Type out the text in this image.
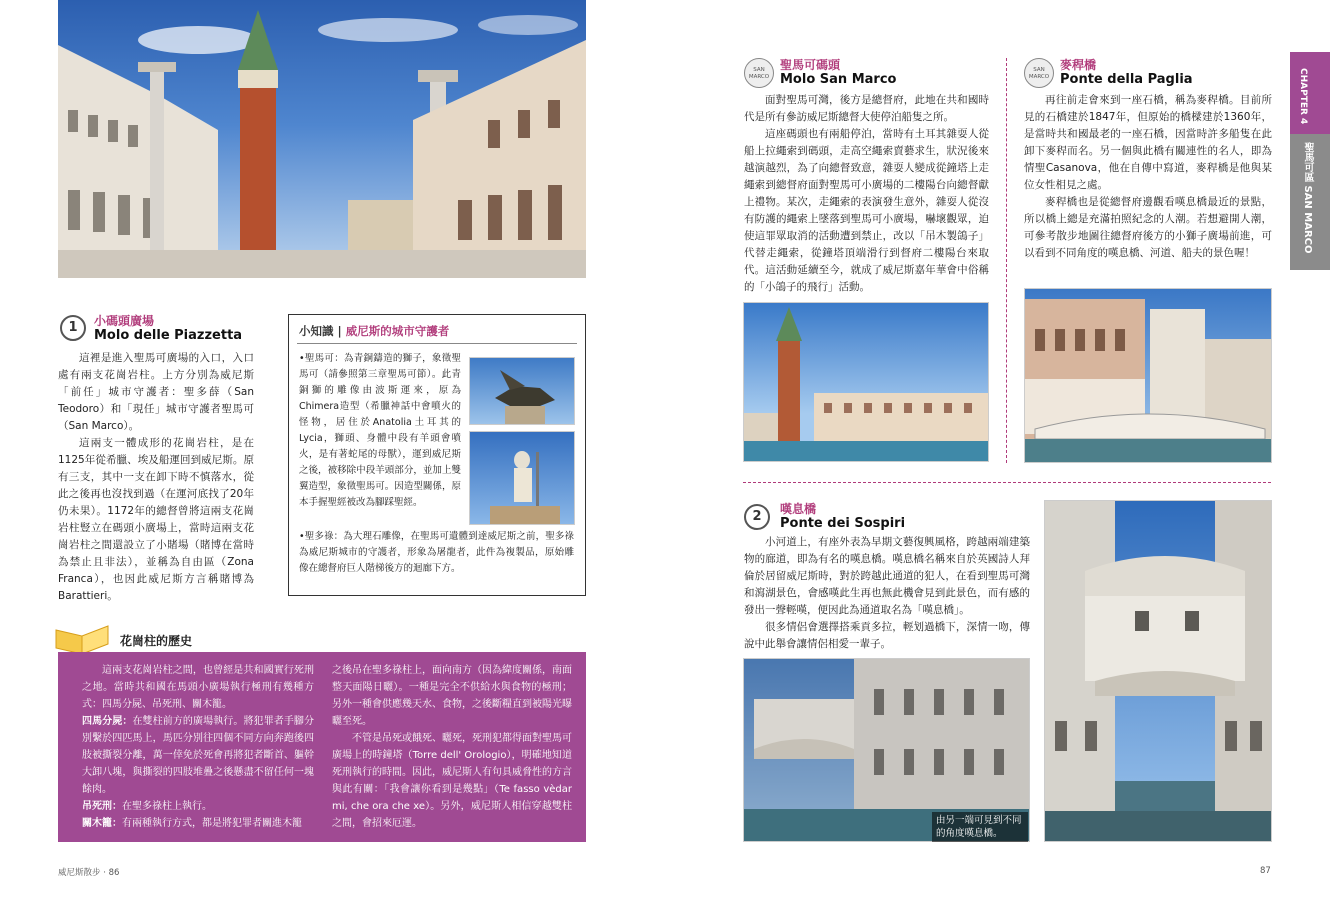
1	小碼頭廣場
Molo delle Piazzetta

這裡是進入聖馬可廣場的入口，入口處有兩支花崗岩柱。上方分別為威尼斯「前任」城市守護者：聖多薛（San Teodoro）和「現任」城市守護者聖馬可（San Marco）。

這兩支一體成形的花崗岩柱，是在1125年從希臘、埃及船運回到威尼斯。原有三支，其中一支在卸下時不慎落水，從此之後再也沒找到過（在運河底找了20年仍未果）。1172年的總督曾將這兩支花崗岩柱豎立在碼頭小廣場上，當時這兩支花崗岩柱之間還設立了小賭場（賭博在當時為禁止且非法），並稱為自由區（Zona Franca），也因此威尼斯方言稱賭博為Barattieri。

小知識 | 威尼斯的城市守護者
•聖馬可：為青銅鑄造的獅子，象徵聖馬可（請參照第三章聖馬可節）。此青銅獅的雕像由波斯運來，原為Chimera造型（希臘神話中會噴火的怪物，居住於Anatolia土耳其的Lycia，獅頭、身體中段有羊頭會噴火，是有著蛇尾的母獸），運到威尼斯之後，被移除中段羊頭部分，並加上雙翼造型，象徵聖馬可。因造型關係，原本手握聖經被改為腳踩聖經。
•聖多祿：為大理石雕像，在聖馬可遺體到達威尼斯之前，聖多祿為威尼斯城市的守護者，形象為屠龍者，此件為複製品，原始雕像在總督府巨人階梯後方的迴廊下方。
花崗柱的歷史
這兩支花崗岩柱之間，也曾經是共和國實行死刑之地。當時共和國在馬頭小廣場執行極刑有幾種方式：四馬分屍、吊死刑、關木籠。
四馬分屍：在雙柱前方的廣場執行。將犯罪者手腳分別繫於四匹馬上，馬匹分別往四個不同方向奔跑後四肢被撕裂分離，萬一倖免於死會再將犯者斷首、軀幹大卸八塊，與撕裂的四肢堆疊之後懸盡不留任何一塊餘肉。
吊死刑：在聖多祿柱上執行。
關木籠：有兩種執行方式，都是將犯罪者關進木籠
之後吊在聖多祿柱上，面向南方（因為緯度關係，南面整天面陽日曬）。一種是完全不供給水與食物的極刑；另外一種會供應幾天水、食物，之後斷糧直到被陽光曝曬至死。
不管是吊死或餓死、曬死，死刑犯都得面對聖馬可廣場上的時鐘塔（Torre dell' Orologio），明確地知道死刑執行的時間。因此，威尼斯人有句具威脅性的方言與此有關：「我會讓你看到是幾點」（Te fasso vèdar mi, che ora che xe）。另外，威尼斯人相信穿越雙柱之間，會招來厄運。
威尼斯散步 · 86
SAN MARCO
聖馬可碼頭
Molo San Marco

面對聖馬可灣，後方是總督府，此地在共和國時代是所有參訪威尼斯總督大使停泊船隻之所。

這座碼頭也有兩船停泊，當時有土耳其雜耍人從船上拉繩索到碼頭，走高空繩索賣藝求生，狀況後來越演越烈，為了向總督致意，雜耍人變成從鐘塔上走繩索到總督府面對聖馬可小廣場的二樓陽台向總督獻上禮物。某次，走繩索的表演發生意外，雜耍人從沒有防護的繩索上墜落到聖馬可小廣場，嚇壞觀眾，迫使這罪眾取消的活動遭到禁止，改以「吊木製鴿子」代替走繩索，從鐘塔頂端滑行到督府二樓陽台來取代。這活動延續至今，就成了威尼斯嘉年華會中俗稱的「小鴿子的飛行」活動。

SAN MARCO
麥稈橋
Ponte della Paglia

再往前走會來到一座石橋，稱為麥稈橋。目前所見的石橋建於1847年，但原始的橋樑建於1360年，是當時共和國最老的一座石橋，因當時許多船隻在此卸下麥稈而名。另一個與此橋有關連性的名人，即為情聖Casanova，他在自傳中寫道，麥稈橋是他與某位女性相見之處。

麥稈橋也是從總督府邊觀看嘆息橋最近的景點，所以橋上總是充滿拍照紀念的人潮。若想避開人潮，可參考散步地圖往總督府後方的小獅子廣場前進，可以看到不同角度的嘆息橋、河道、船夫的景色喔！

2	嘆息橋
Ponte dei Sospiri

小河道上，有座外表為早期文藝復興風格，跨越兩端建築物的廊道，即為有名的嘆息橋。嘆息橋名稱來自於英國詩人拜倫於居留威尼斯時，對於跨越此通道的犯人，在看到聖馬可灣和瀉湖景色，會感嘆此生再也無此機會見到此景色，而有感的發出一聲輕嘆，便因此為通道取名為「嘆息橋」。

很多情侶會選擇搭乘貢多拉，輕划過橋下，深情一吻，傳說中此舉會讓情侶相愛一輩子。

由另一端可見到不同的角度嘆息橋。
CHAPTER 4
聖馬可區 SAN MARCO
87
